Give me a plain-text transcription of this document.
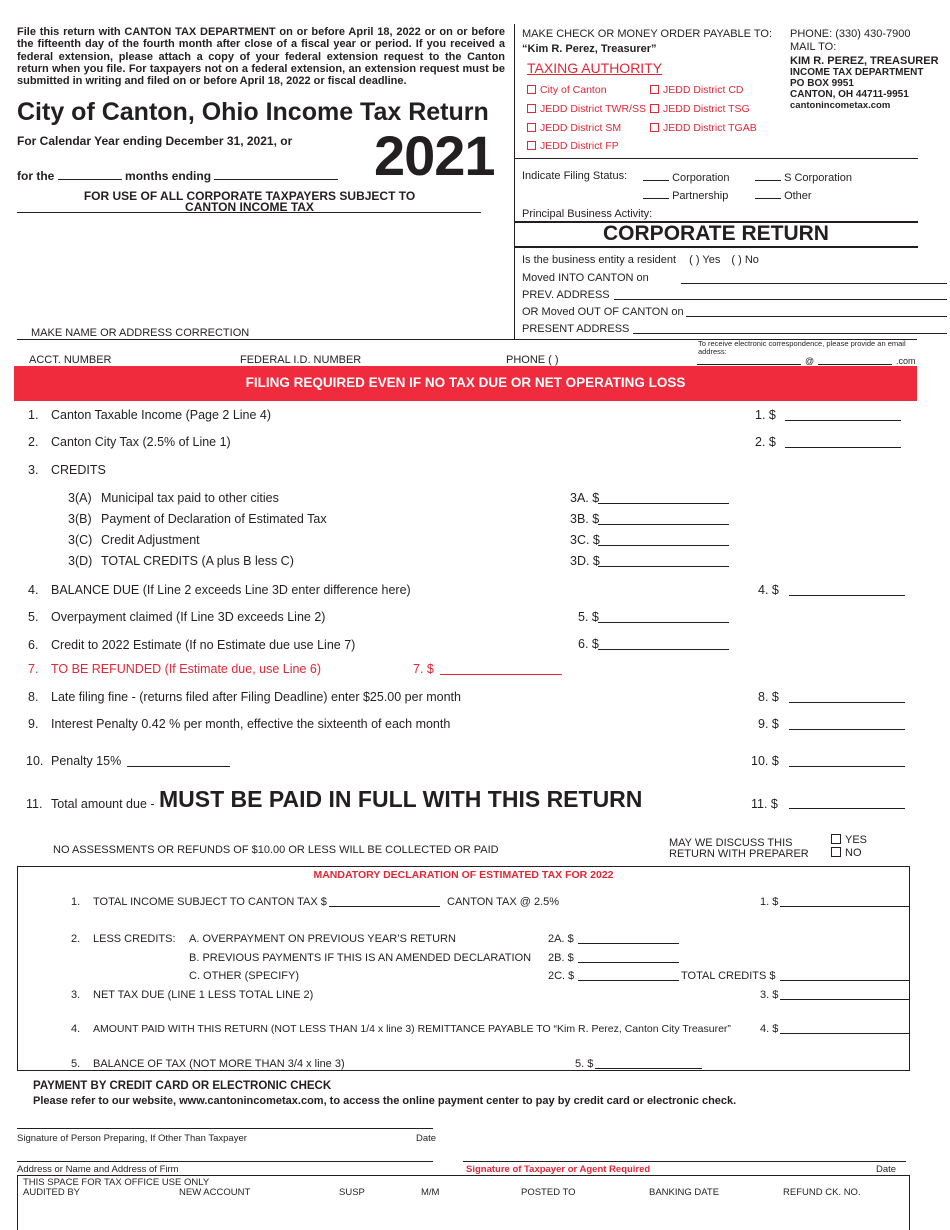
File this return with CANTON TAX DEPARTMENT on or before April 18, 2022 or on or before the fifteenth day of the fourth month after close of a fiscal year or period. If you received a federal extension, please attach a copy of your federal extension request to the Canton return when you file. For taxpayers not on a federal extension, an extension request must be submitted in writing and filed on or before April 18, 2022 or fiscal deadline.
City of Canton, Ohio Income Tax Return
For Calendar Year ending December 31, 2021, or 2021
for the	months ending
FOR USE OF ALL CORPORATE TAXPAYERS SUBJECT TO
CANTON INCOME TAX
MAKE NAME OR ADDRESS CORRECTION
MAKE CHECK OR MONEY ORDER PAYABLE TO:
“Kim R. Perez, Treasurer”
TAXING AUTHORITY
City of Canton	JEDD District CD
JEDD District TWR/SS	JEDD District TSG
JEDD District SM	JEDD District TGAB
JEDD District FP
PHONE: (330) 430-7900
MAIL TO:
KIM R. PEREZ, TREASURER
INCOME TAX DEPARTMENT
PO BOX 9951
CANTON, OH 44711-9951
cantonincometax.com
Indicate Filing Status:	Corporation	S Corporation
Partnership	Other
Principal Business Activity:
CORPORATE RETURN
Is the business entity a resident ( ) Yes ( ) No
Moved INTO CANTON on
PREV. ADDRESS
OR Moved OUT OF CANTON on
PRESENT ADDRESS
ACCT. NUMBER	FEDERAL I.D. NUMBER	PHONE ( )
To receive electronic correspondence, please provide an email address:
@	.com
FILING REQUIRED EVEN IF NO TAX DUE OR NET OPERATING LOSS
1. Canton Taxable Income (Page 2 Line 4)	1. $
2. Canton City Tax (2.5% of Line 1)	2. $
3. CREDITS
3(A) Municipal tax paid to other cities	3A. $
3(B) Payment of Declaration of Estimated Tax	3B. $
3(C) Credit Adjustment	3C. $
3(D) TOTAL CREDITS (A plus B less C)	3D. $
4. BALANCE DUE (If Line 2 exceeds Line 3D enter difference here)	4. $
5. Overpayment claimed (If Line 3D exceeds Line 2)	5. $
6. Credit to 2022 Estimate (If no Estimate due use Line 7)	6. $
7. TO BE REFUNDED (If Estimate due, use Line 6)	7. $
8. Late filing fine - (returns filed after Filing Deadline) enter $25.00 per month	8. $
9. Interest Penalty 0.42 % per month, effective the sixteenth of each month	9. $
10. Penalty 15%	10. $
11. Total amount due - MUST BE PAID IN FULL WITH THIS RETURN	11. $
NO ASSESSMENTS OR REFUNDS OF $10.00 OR LESS WILL BE COLLECTED OR PAID
MAY WE DISCUSS THIS
RETURN WITH PREPARER
YES
NO
MANDATORY DECLARATION OF ESTIMATED TAX FOR 2022
1. TOTAL INCOME SUBJECT TO CANTON TAX $	CANTON TAX @ 2.5%	1. $
2. LESS CREDITS: A. OVERPAYMENT ON PREVIOUS YEAR’S RETURN
B. PREVIOUS PAYMENTS IF THIS IS AN AMENDED DECLARATION
C. OTHER (SPECIFY)
2A. $
2B. $
2C. $	TOTAL CREDITS $
3. NET TAX DUE (LINE 1 LESS TOTAL LINE 2)	3. $
4. AMOUNT PAID WITH THIS RETURN (NOT LESS THAN 1/4 x line 3) REMITTANCE PAYABLE TO “Kim R. Perez, Canton City Treasurer”	4. $
5. BALANCE OF TAX (NOT MORE THAN 3/4 x line 3)	5. $
PAYMENT BY CREDIT CARD OR ELECTRONIC CHECK
Please refer to our website, www.cantonincometax.com, to access the online payment center to pay by credit card or electronic check.
Signature of Person Preparing, If Other Than Taxpayer	Date
Address or Name and Address of Firm	Signature of Taxpayer or Agent Required	Date
THIS SPACE FOR TAX OFFICE USE ONLY
AUDITED BY	NEW ACCOUNT	SUSP	M/M	POSTED TO	BANKING DATE	REFUND CK. NO.
